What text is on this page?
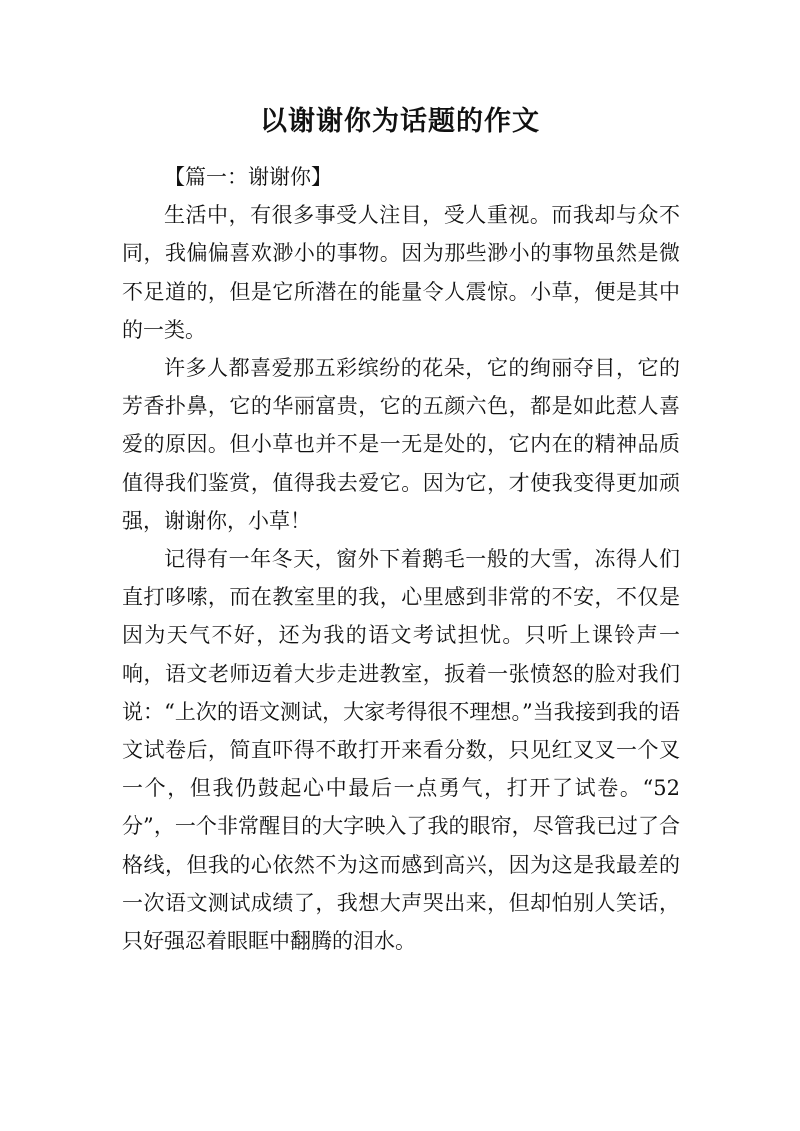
以谢谢你为话题的作文

【篇一：谢谢你】

生活中，有很多事受人注目，受人重视。而我却与众不同，我偏偏喜欢渺小的事物。因为那些渺小的事物虽然是微不足道的，但是它所潜在的能量令人震惊。小草，便是其中的一类。

许多人都喜爱那五彩缤纷的花朵，它的绚丽夺目，它的芳香扑鼻，它的华丽富贵，它的五颜六色，都是如此惹人喜爱的原因。但小草也并不是一无是处的，它内在的精神品质值得我们鉴赏，值得我去爱它。因为它，才使我变得更加顽强，谢谢你，小草！

记得有一年冬天，窗外下着鹅毛一般的大雪，冻得人们直打哆嗦，而在教室里的我，心里感到非常的不安，不仅是因为天气不好，还为我的语文考试担忧。只听上课铃声一响，语文老师迈着大步走进教室，扳着一张愤怒的脸对我们说：“上次的语文测试，大家考得很不理想。”当我接到我的语文试卷后，简直吓得不敢打开来看分数，只见红叉叉一个叉一个，但我仍鼓起心中最后一点勇气，打开了试卷。“52分”，一个非常醒目的大字映入了我的眼帘，尽管我已过了合格线，但我的心依然不为这而感到高兴，因为这是我最差的一次语文测试成绩了，我想大声哭出来，但却怕别人笑话，只好强忍着眼眶中翻腾的泪水。
